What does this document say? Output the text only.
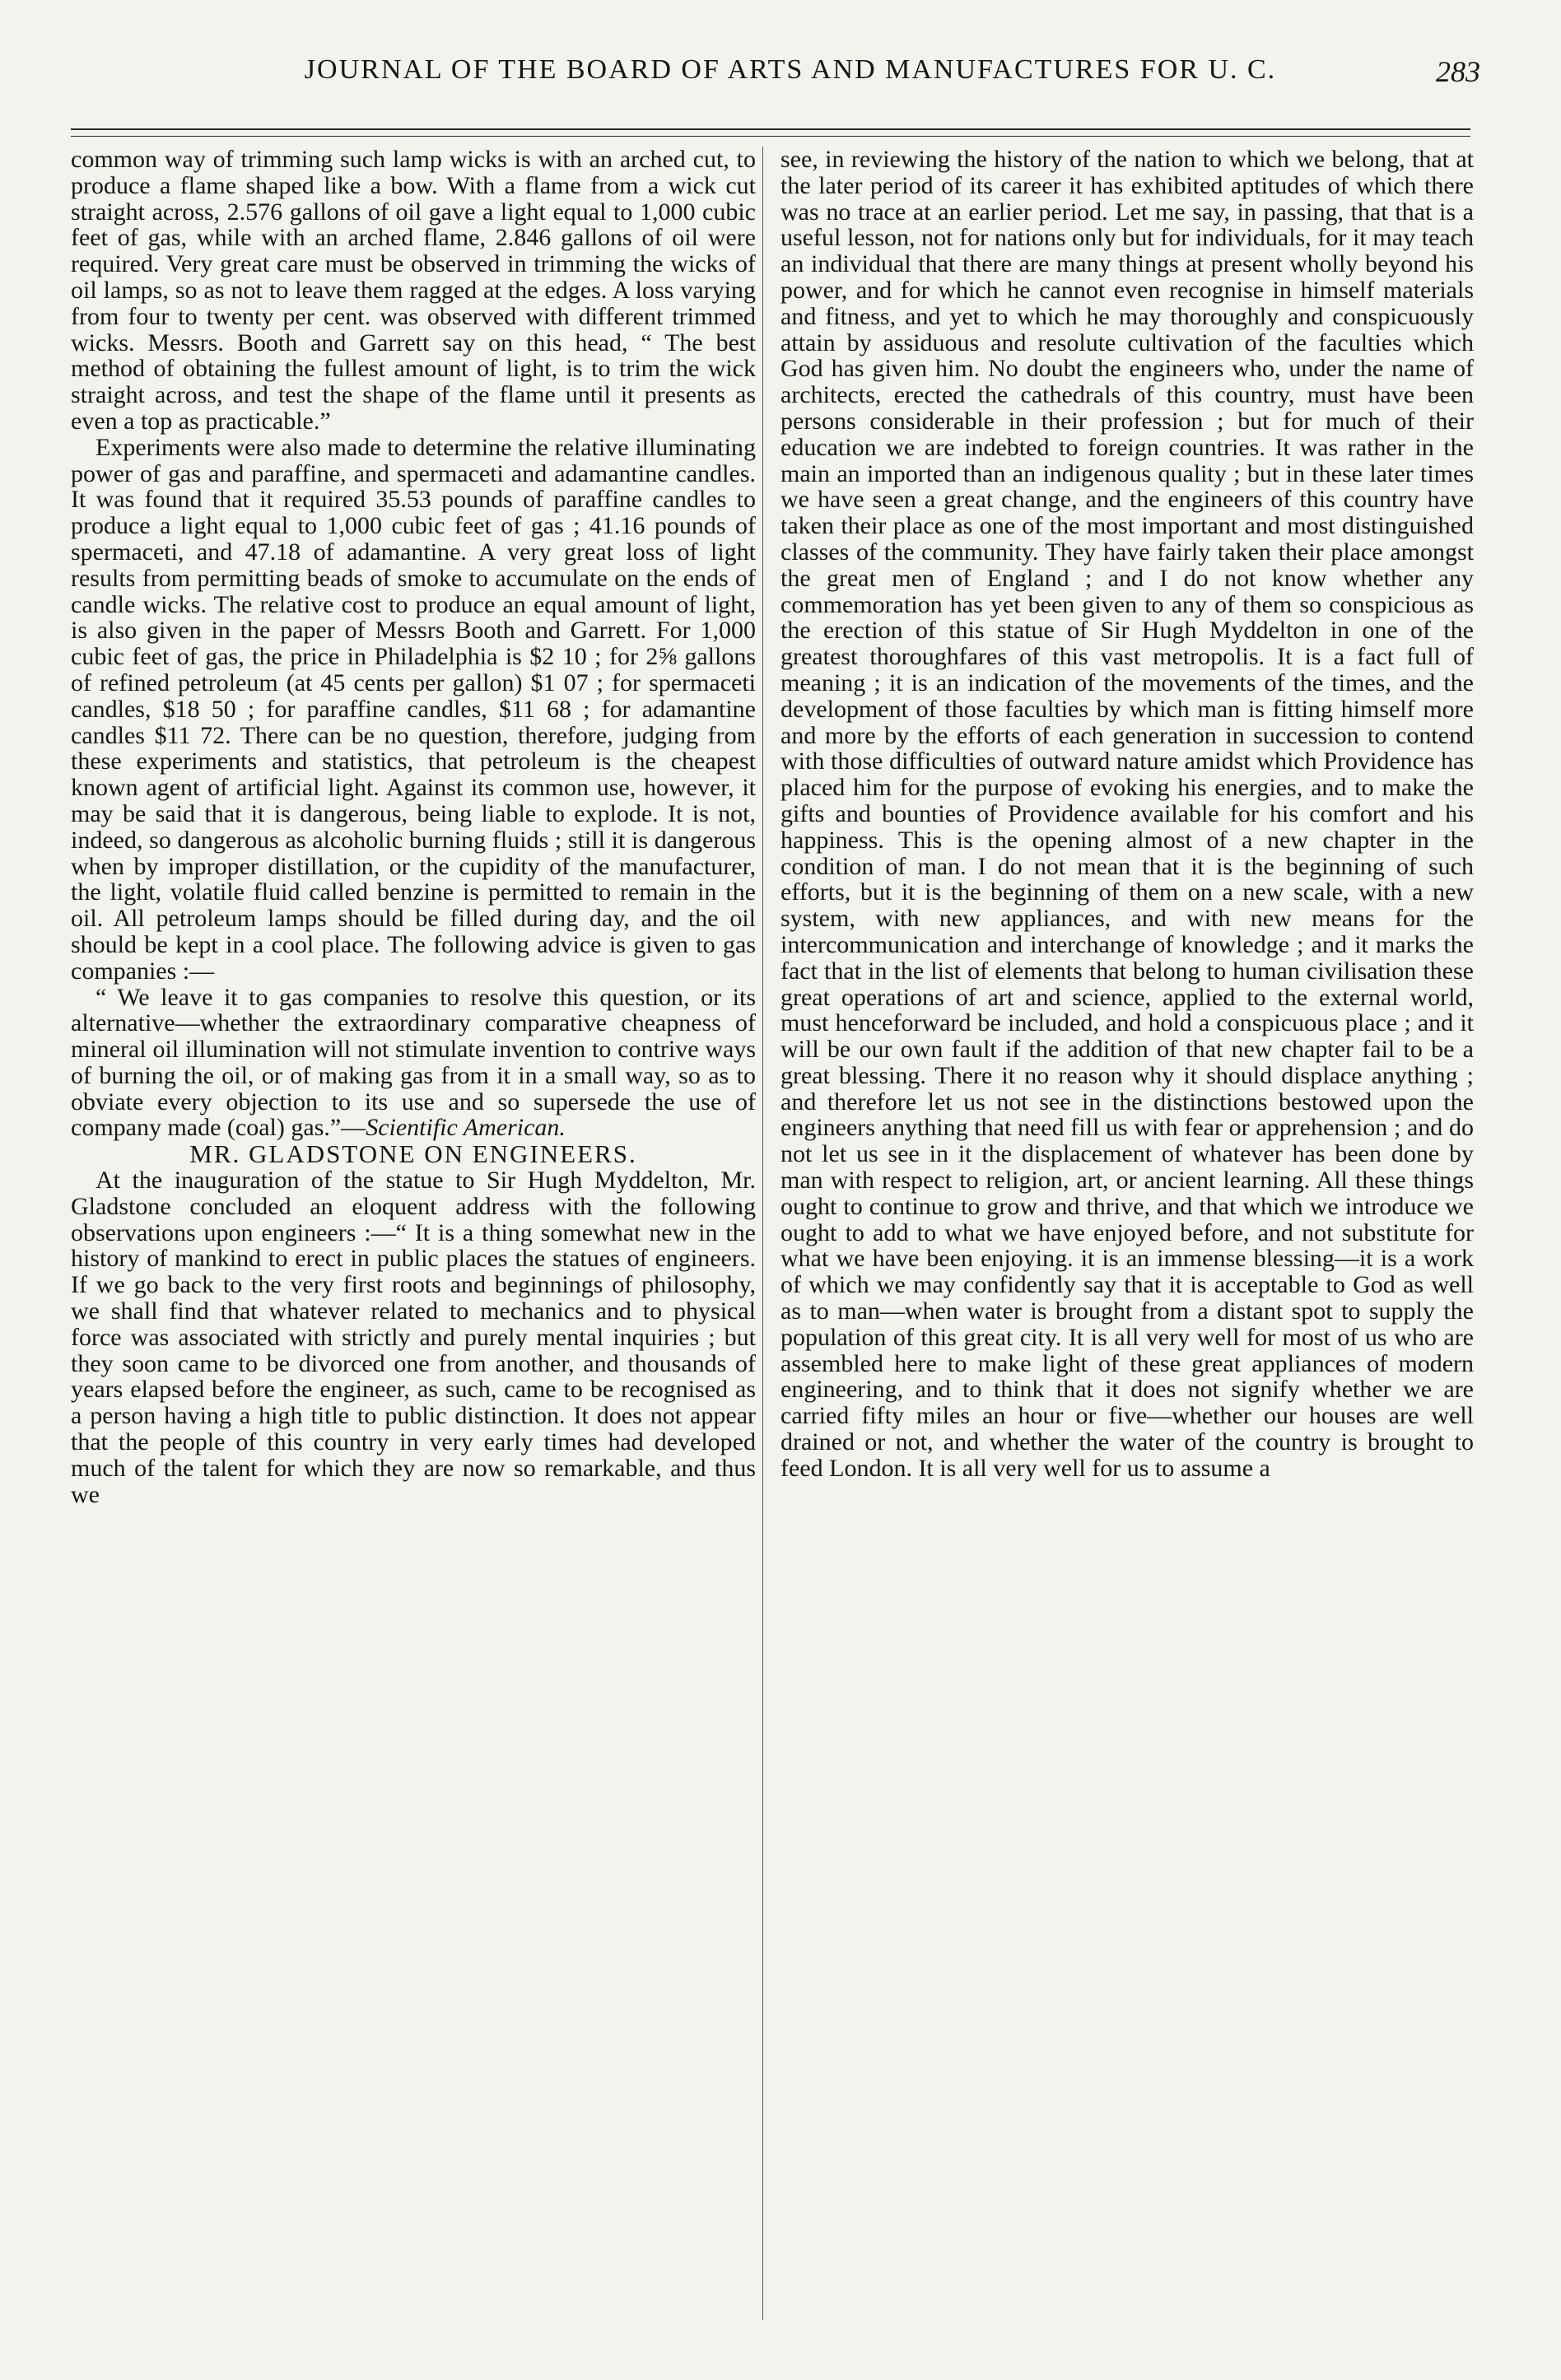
JOURNAL OF THE BOARD OF ARTS AND MANUFACTURES FOR U. C.	283

common way of trimming such lamp wicks is with an arched cut, to produce a flame shaped like a bow. With a flame from a wick cut straight across, 2.576 gallons of oil gave a light equal to 1,000 cubic feet of gas, while with an arched flame, 2.846 gallons of oil were required. Very great care must be observed in trimming the wicks of oil lamps, so as not to leave them ragged at the edges. A loss varying from four to twenty per cent. was observed with different trimmed wicks. Messrs. Booth and Garrett say on this head, “ The best method of obtaining the fullest amount of light, is to trim the wick straight across, and test the shape of the flame until it presents as even a top as practicable.”

Experiments were also made to determine the relative illuminating power of gas and paraffine, and spermaceti and adamantine candles. It was found that it required 35.53 pounds of paraffine candles to produce a light equal to 1,000 cubic feet of gas ; 41.16 pounds of spermaceti, and 47.18 of adamantine. A very great loss of light results from permitting beads of smoke to accumulate on the ends of candle wicks. The relative cost to produce an equal amount of light, is also given in the paper of Messrs Booth and Garrett. For 1,000 cubic feet of gas, the price in Philadelphia is $2 10 ; for 2⅝ gallons of refined petroleum (at 45 cents per gallon) $1 07 ; for spermaceti candles, $18 50 ; for paraffine candles, $11 68 ; for adamantine candles $11 72. There can be no question, therefore, judging from these experiments and statistics, that petroleum is the cheapest known agent of artificial light. Against its common use, however, it may be said that it is dangerous, being liable to explode. It is not, indeed, so dangerous as alcoholic burning fluids ; still it is dangerous when by improper distillation, or the cupidity of the manufacturer, the light, volatile fluid called benzine is permitted to remain in the oil. All petroleum lamps should be filled during day, and the oil should be kept in a cool place. The following advice is given to gas companies :—

“ We leave it to gas companies to resolve this question, or its alternative—whether the extraordinary comparative cheapness of mineral oil illumination will not stimulate invention to contrive ways of burning the oil, or of making gas from it in a small way, so as to obviate every objection to its use and so supersede the use of company made (coal) gas.”—Scientific American.

MR. GLADSTONE ON ENGINEERS.

At the inauguration of the statue to Sir Hugh Myddelton, Mr. Gladstone concluded an eloquent address with the following observations upon engineers :—“ It is a thing somewhat new in the history of mankind to erect in public places the statues of engineers. If we go back to the very first roots and beginnings of philosophy, we shall find that whatever related to mechanics and to physical force was associated with strictly and purely mental inquiries ; but they soon came to be divorced one from another, and thousands of years elapsed before the engineer, as such, came to be recognised as a person having a high title to public distinction. It does not appear that the people of this country in very early times had developed much of the talent for which they are now so remarkable, and thus we

see, in reviewing the history of the nation to which we belong, that at the later period of its career it has exhibited aptitudes of which there was no trace at an earlier period. Let me say, in passing, that that is a useful lesson, not for nations only but for individuals, for it may teach an individual that there are many things at present wholly beyond his power, and for which he cannot even recognise in himself materials and fitness, and yet to which he may thoroughly and conspicuously attain by assiduous and resolute cultivation of the faculties which God has given him. No doubt the engineers who, under the name of architects, erected the cathedrals of this country, must have been persons considerable in their profession ; but for much of their education we are indebted to foreign countries. It was rather in the main an imported than an indigenous quality ; but in these later times we have seen a great change, and the engineers of this country have taken their place as one of the most important and most distinguished classes of the community. They have fairly taken their place amongst the great men of England ; and I do not know whether any commemoration has yet been given to any of them so conspicious as the erection of this statue of Sir Hugh Myddelton in one of the greatest thoroughfares of this vast metropolis. It is a fact full of meaning ; it is an indication of the movements of the times, and the development of those faculties by which man is fitting himself more and more by the efforts of each generation in succession to contend with those difficulties of outward nature amidst which Providence has placed him for the purpose of evoking his energies, and to make the gifts and bounties of Providence available for his comfort and his happiness. This is the opening almost of a new chapter in the condition of man. I do not mean that it is the beginning of such efforts, but it is the beginning of them on a new scale, with a new system, with new appliances, and with new means for the intercommunication and interchange of knowledge ; and it marks the fact that in the list of elements that belong to human civilisation these great operations of art and science, applied to the external world, must henceforward be included, and hold a conspicuous place ; and it will be our own fault if the addition of that new chapter fail to be a great blessing. There it no reason why it should displace anything ; and therefore let us not see in the distinctions bestowed upon the engineers anything that need fill us with fear or apprehension ; and do not let us see in it the displacement of whatever has been done by man with respect to religion, art, or ancient learning. All these things ought to continue to grow and thrive, and that which we introduce we ought to add to what we have enjoyed before, and not substitute for what we have been enjoying. it is an immense blessing—it is a work of which we may confidently say that it is acceptable to God as well as to man—when water is brought from a distant spot to supply the population of this great city. It is all very well for most of us who are assembled here to make light of these great appliances of modern engineering, and to think that it does not signify whether we are carried fifty miles an hour or five—whether our houses are well drained or not, and whether the water of the country is brought to feed London. It is all very well for us to assume a
